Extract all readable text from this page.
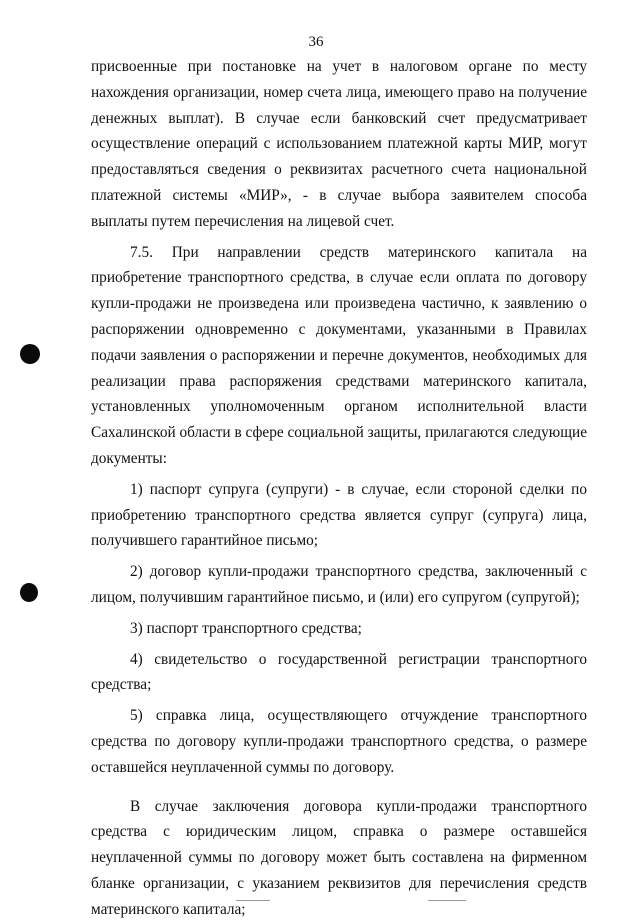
36

присвоенные при постановке на учет в налоговом органе по месту нахождения организации, номер счета лица, имеющего право на получение денежных выплат). В случае если банковский счет предусматривает осуществление операций с использованием платежной карты МИР, могут предоставляться сведения о реквизитах расчетного счета национальной платежной системы «МИР», - в случае выбора заявителем способа выплаты путем перечисления на лицевой счет.

7.5. При направлении средств материнского капитала на приобретение транспортного средства, в случае если оплата по договору купли-продажи не произведена или произведена частично, к заявлению о распоряжении одновременно с документами, указанными в Правилах подачи заявления о распоряжении и перечне документов, необходимых для реализации права распоряжения средствами материнского капитала, установленных уполномоченным органом исполнительной власти Сахалинской области в сфере социальной защиты, прилагаются следующие документы:

1) паспорт супруга (супруги) - в случае, если стороной сделки по приобретению транспортного средства является супруг (супруга) лица, получившего гарантийное письмо;

2) договор купли-продажи транспортного средства, заключенный с лицом, получившим гарантийное письмо, и (или) его супругом (супругой);

3) паспорт транспортного средства;

4) свидетельство о государственной регистрации транспортного средства;

5) справка лица, осуществляющего отчуждение транспортного средства по договору купли-продажи транспортного средства, о размере оставшейся неуплаченной суммы по договору.

В случае заключения договора купли-продажи транспортного средства с юридическим лицом, справка о размере оставшейся неуплаченной суммы по договору может быть составлена на фирменном бланке организации, с указанием реквизитов для перечисления средств материнского капитала;
